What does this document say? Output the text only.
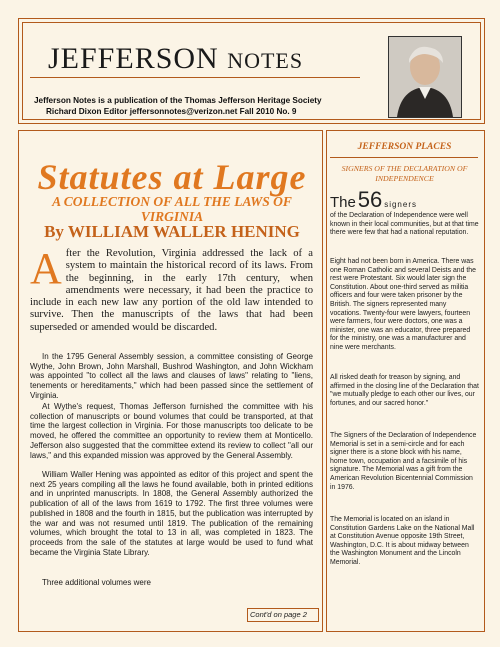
JEFFERSON NOTES
Jefferson Notes is a publication of the Thomas Jefferson Heritage Society
Richard Dixon Editor jeffersonnotes@verizon.net Fall 2010 No. 9
Statutes at Large
A COLLECTION OF ALL THE LAWS OF VIRGINIA
By WILLIAM WALLER HENING
After the Revolution, Virginia addressed the lack of a system to maintain the historical record of its laws. From the beginning, in the early 17th century, when amendments were necessary, it had been the practice to include in each new law any portion of the old law intended to survive. Then the manuscripts of the laws that had been superseded or amended would be discarded.
In the 1795 General Assembly session, a committee consisting of George Wythe, John Brown, John Marshall, Bushrod Washington, and John Wickham was appointed "to collect all the laws and clauses of laws" relating to "liens, tenements or hereditaments," which had been passed since the settlement of Virginia.
At Wythe's request, Thomas Jefferson furnished the committee with his collection of manuscripts or bound volumes that could be transported, at that time the largest collection in Virginia. For those manuscripts too delicate to be moved, he offered the committee an opportunity to review them at Monticello. Jefferson also suggested that the committee extend its review to collect "all our laws," and this expanded mission was approved by the General Assembly.
William Waller Hening was appointed as editor of this project and spent the next 25 years compiling all the laws he found available, both in printed editions and in unprinted manuscripts. In 1808, the General Assembly authorized the publication of all of the laws from 1619 to 1792. The first three volumes were published in 1808 and the fourth in 1815, but the publication was interrupted by the war and was not resumed until 1819. The publication of the remaining volumes, which brought the total to 13 in all, was completed in 1823. The proceeds from the sale of the statutes at large would be used to fund what became the Virginia State Library.
Three additional volumes were
Cont'd on page 2
JEFFERSON PLACES
SIGNERS OF THE DECLARATION OF INDEPENDENCE
The 56 signers
of the Declaration of Independence were well known in their local communities, but at that time there were few that had a national reputation.
Eight had not been born in America. There was one Roman Catholic and several Deists and the rest were Protestant. Six would later sign the Constitution. About one-third served as militia officers and four were taken prisoner by the British. The signers represented many vocations. Twenty-four were lawyers, fourteen were farmers, four were doctors, one was a minister, one was an educator, three prepared for the ministry, one was a manufacturer and nine were merchants.
All risked death for treason by signing, and affirmed in the closing line of the Declaration that "we mutually pledge to each other our lives, our fortunes, and our sacred honor."
The Signers of the Declaration of Independence Memorial is set in a semi-circle and for each signer there is a stone block with his name, home town, occupation and a facsimile of his signature. The Memorial was a gift from the American Revolution Bicentennial Commission in 1976.
The Memorial is located on an island in Constitution Gardens Lake on the National Mall at Constitution Avenue opposite 19th Street, Washington, D.C. It is about midway between the Washington Monument and the Lincoln Memorial.
